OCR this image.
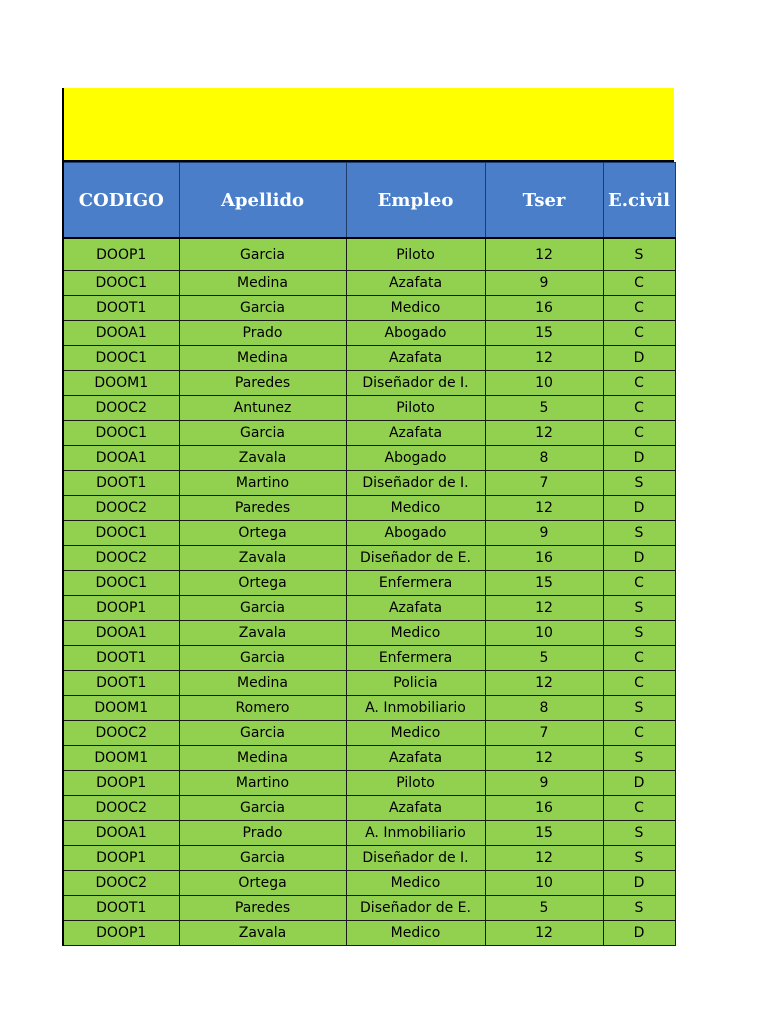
CODIGO	Apellido	Empleo	Tser	E.civil
DOOP1	Garcia	Piloto	12	S
DOOC1	Medina	Azafata	9	C
DOOT1	Garcia	Medico	16	C
DOOA1	Prado	Abogado	15	C
DOOC1	Medina	Azafata	12	D
DOOM1	Paredes	Diseñador de I.	10	C
DOOC2	Antunez	Piloto	5	C
DOOC1	Garcia	Azafata	12	C
DOOA1	Zavala	Abogado	8	D
DOOT1	Martino	Diseñador de I.	7	S
DOOC2	Paredes	Medico	12	D
DOOC1	Ortega	Abogado	9	S
DOOC2	Zavala	Diseñador de E.	16	D
DOOC1	Ortega	Enfermera	15	C
DOOP1	Garcia	Azafata	12	S
DOOA1	Zavala	Medico	10	S
DOOT1	Garcia	Enfermera	5	C
DOOT1	Medina	Policia	12	C
DOOM1	Romero	A. Inmobiliario	8	S
DOOC2	Garcia	Medico	7	C
DOOM1	Medina	Azafata	12	S
DOOP1	Martino	Piloto	9	D
DOOC2	Garcia	Azafata	16	C
DOOA1	Prado	A. Inmobiliario	15	S
DOOP1	Garcia	Diseñador de I.	12	S
DOOC2	Ortega	Medico	10	D
DOOT1	Paredes	Diseñador de E.	5	S
DOOP1	Zavala	Medico	12	D
